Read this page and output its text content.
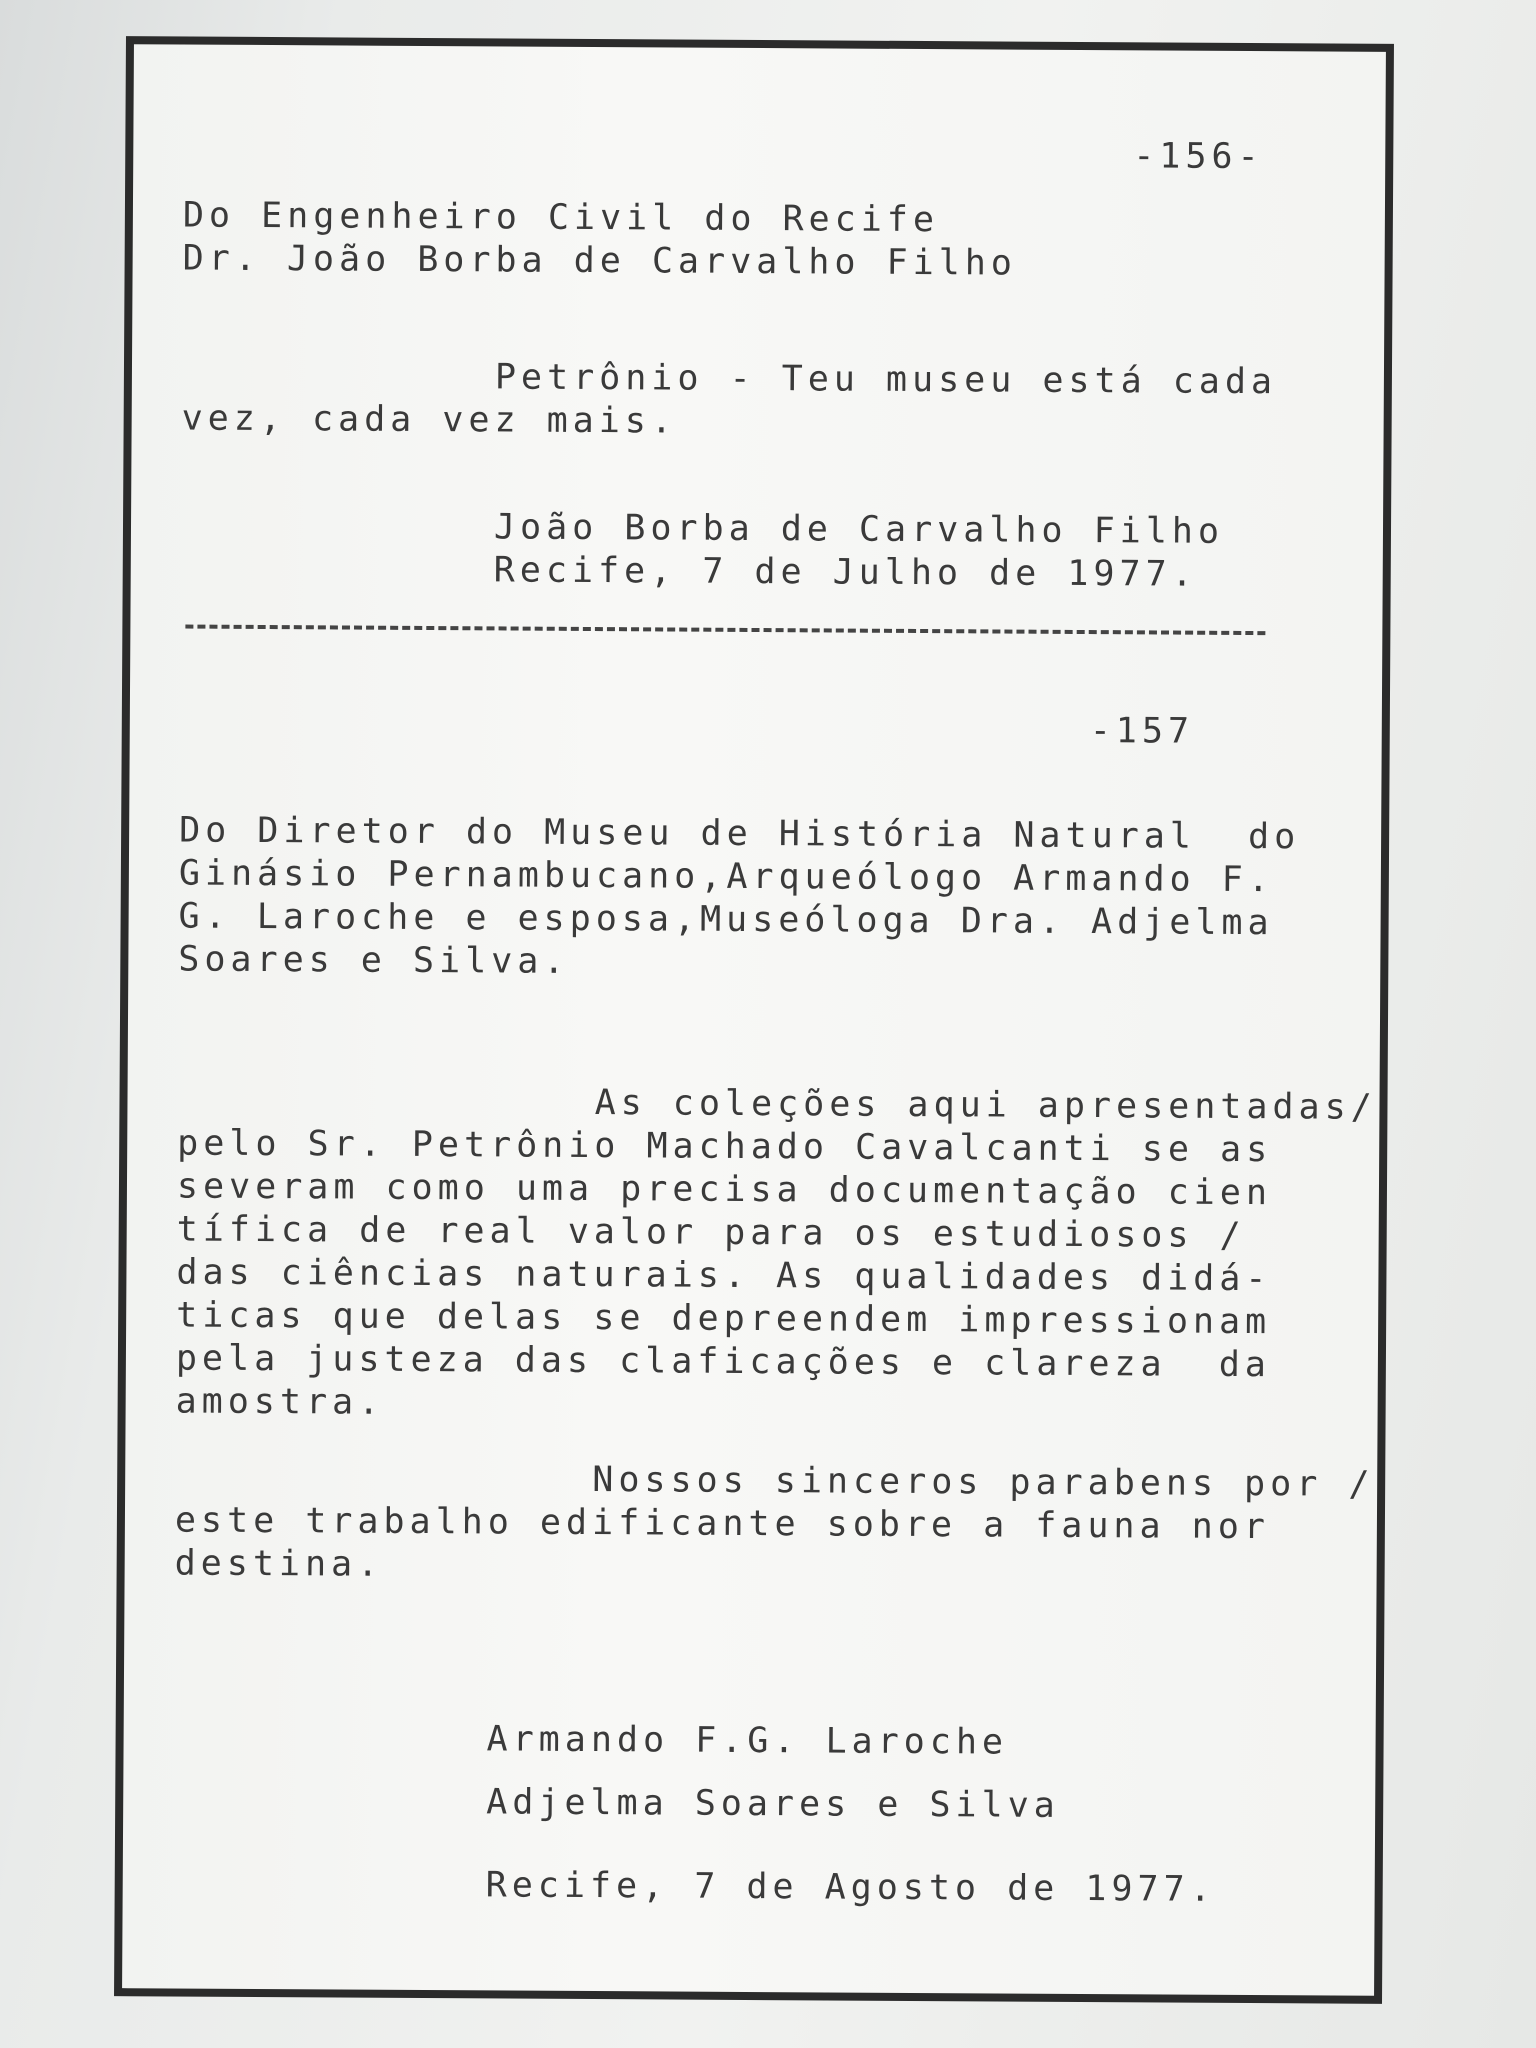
-156-

Do Engenheiro Civil do Recife

Dr. João Borba de Carvalho Filho

Petrônio - Teu museu está cada

vez, cada vez mais.

João Borba de Carvalho Filho

Recife, 7 de Julho de 1977.

-157

Do Diretor do Museu de História Natural  do
Ginásio Pernambucano,Arqueólogo Armando F.
G. Laroche e esposa,Museóloga Dra. Adjelma
Soares e Silva.
As coleções aqui apresentadas/
pelo Sr. Petrônio Machado Cavalcanti se as
severam como uma precisa documentação cien
tífica de real valor para os estudiosos /
das ciências naturais. As qualidades didá-
ticas que delas se depreendem impressionam
pela justeza das claficações e clareza  da
amostra.
Nossos sinceros parabens por /
este trabalho edificante sobre a fauna nor
destina.

Armando F.G. Laroche

Adjelma Soares e Silva

Recife, 7 de Agosto de 1977.
